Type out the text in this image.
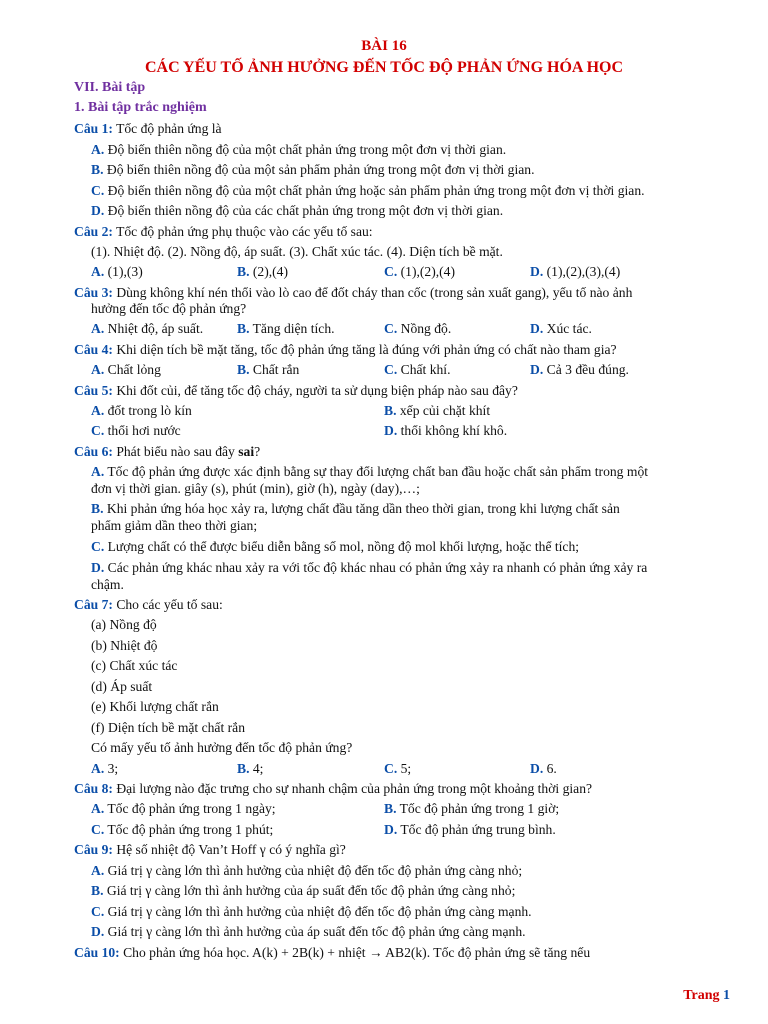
BÀI 16
CÁC YẾU TỐ ẢNH HƯỞNG ĐẾN TỐC ĐỘ PHẢN ỨNG HÓA HỌC
VII. Bài tập
1. Bài tập trắc nghiệm
Câu 1: Tốc độ phản ứng là
A. Độ biến thiên nồng độ của một chất phản ứng trong một đơn vị thời gian.
B. Độ biến thiên nồng độ của một sản phẩm phản ứng trong một đơn vị thời gian.
C. Độ biến thiên nồng độ của một chất phản ứng hoặc sản phẩm phản ứng trong một đơn vị thời gian.
D. Độ biến thiên nồng độ của các chất phản ứng trong một đơn vị thời gian.
Câu 2: Tốc độ phản ứng phụ thuộc vào các yếu tố sau:
(1). Nhiệt độ. (2). Nồng độ, áp suất. (3). Chất xúc tác. (4). Diện tích bề mặt.
A. (1),(3)	B. (2),(4)	C. (1),(2),(4)	D. (1),(2),(3),(4)
Câu 3: Dùng không khí nén thổi vào lò cao để đốt cháy than cốc (trong sản xuất gang), yếu tố nào ảnh
hưởng đến tốc độ phản ứng?
A. Nhiệt độ, áp suất. B. Tăng diện tích.	C. Nồng độ.	D. Xúc tác.
Câu 4: Khi diện tích bề mặt tăng, tốc độ phản ứng tăng là đúng với phản ứng có chất nào tham gia?
A. Chất lỏng	B. Chất rắn	C. Chất khí.	D. Cả 3 đều đúng.
Câu 5: Khi đốt củi, để tăng tốc độ cháy, người ta sử dụng biện pháp nào sau đây?
A. đốt trong lò kín	B. xếp củi chặt khít
C. thổi hơi nước	D. thổi không khí khô.
Câu 6: Phát biểu nào sau đây sai?
A. Tốc độ phản ứng được xác định bằng sự thay đổi lượng chất ban đầu hoặc chất sản phẩm trong một
đơn vị thời gian. giây (s), phút (min), giờ (h), ngày (day),…;
B. Khi phản ứng hóa học xảy ra, lượng chất đầu tăng dần theo thời gian, trong khi lượng chất sản
phẩm giảm dần theo thời gian;
C. Lượng chất có thể được biểu diễn bằng số mol, nồng độ mol khối lượng, hoặc thể tích;
D. Các phản ứng khác nhau xảy ra với tốc độ khác nhau có phản ứng xảy ra nhanh có phản ứng xảy ra
chậm.
Câu 7: Cho các yếu tố sau:
(a) Nồng độ
(b) Nhiệt độ
(c) Chất xúc tác
(d) Áp suất
(e) Khối lượng chất rắn
(f) Diện tích bề mặt chất rắn
Có mấy yếu tố ảnh hưởng đến tốc độ phản ứng?
A. 3;	B. 4;	C. 5;	D. 6.
Câu 8: Đại lượng nào đặc trưng cho sự nhanh chậm của phản ứng trong một khoảng thời gian?
A. Tốc độ phản ứng trong 1 ngày;	B. Tốc độ phản ứng trong 1 giờ;
C. Tốc độ phản ứng trong 1 phút;	D. Tốc độ phản ứng trung bình.
Câu 9: Hệ số nhiệt độ Van’t Hoff γ có ý nghĩa gì?
A. Giá trị γ càng lớn thì ảnh hưởng của nhiệt độ đến tốc độ phản ứng càng nhỏ;
B. Giá trị γ càng lớn thì ảnh hưởng của áp suất đến tốc độ phản ứng càng nhỏ;
C. Giá trị γ càng lớn thì ảnh hưởng của nhiệt độ đến tốc độ phản ứng càng mạnh.
D. Giá trị γ càng lớn thì ảnh hưởng của áp suất đến tốc độ phản ứng càng mạnh.
Câu 10: Cho phản ứng hóa học. A(k) + 2B(k) + nhiệt → AB2(k). Tốc độ phản ứng sẽ tăng nếu
Trang 1
